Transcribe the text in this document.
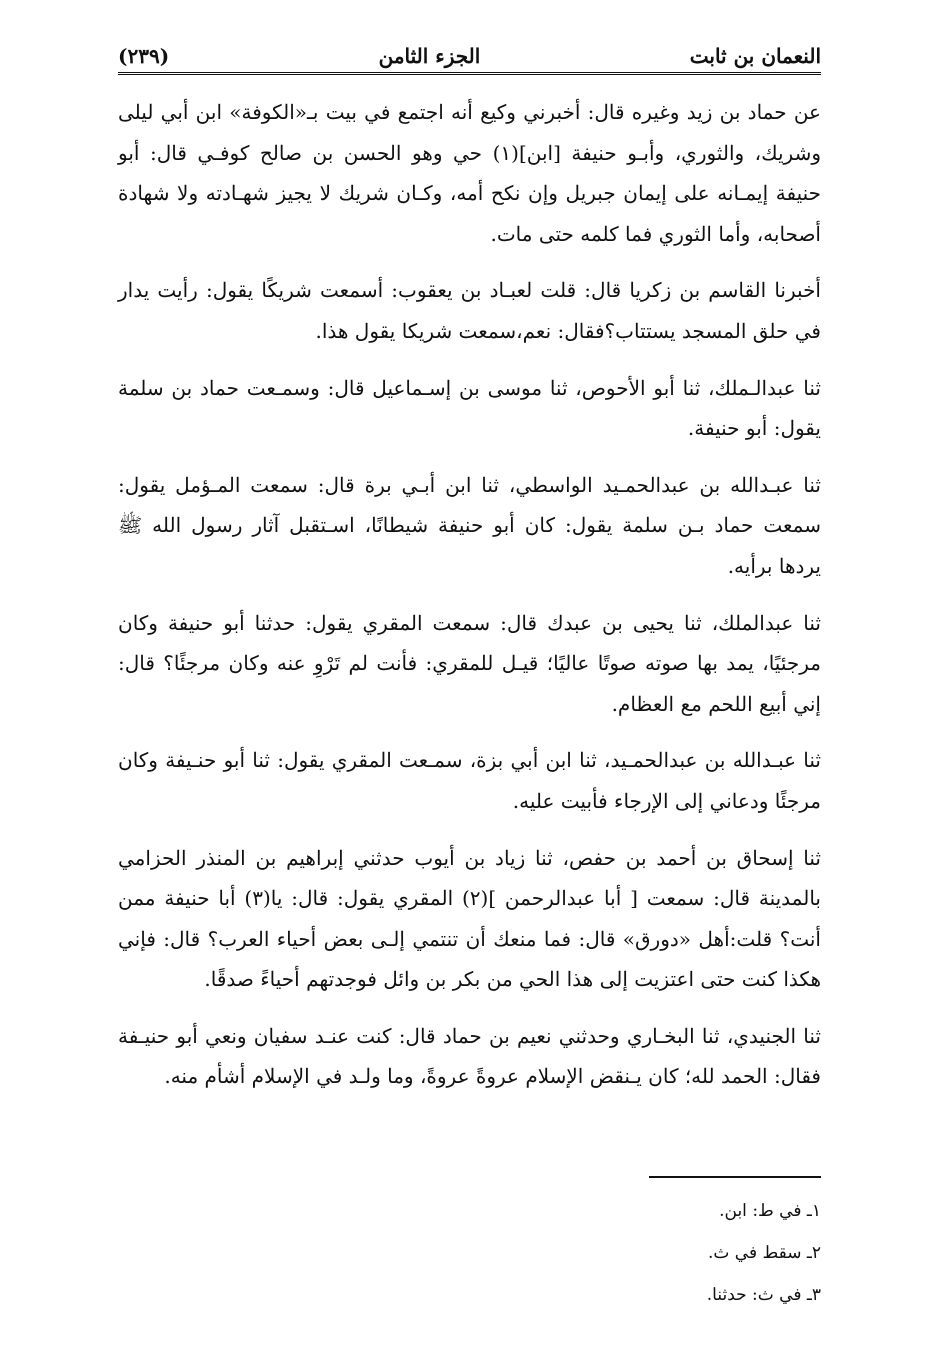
النعمان بن ثابت
الجزء الثامن
(٢٣٩)

عن حماد بن زيد وغيره قال: أخبرني وكيع أنه اجتمع في بيت بـ«الكوفة» ابن أبي ليلى وشريك، والثوري، وأبـو حنيفة [ابن](١) حي وهو الحسن بن صالح كوفـي قال: أبو حنيفة إيمـانه على إيمان جبريل وإن نكح أمه، وكـان شريك لا يجيز شهـادته ولا شهادة أصحابه، وأما الثوري فما كلمه حتى مات.

أخبرنا القاسم بن زكريا قال: قلت لعبـاد بن يعقوب: أسمعت شريكًا يقول: رأيت يدار في حلق المسجد يستتاب؟فقال: نعم،سمعت شريكا يقول هذا.

ثنا عبدالـملك، ثنا أبو الأحوص، ثنا موسى بن إسـماعيل قال: وسمـعت حماد بن سلمة يقول: أبو حنيفة.

ثنا عبـدالله بن عبدالحمـيد الواسطي، ثنا ابن أبـي برة قال: سمعت المـؤمل يقول: سمعت حماد بـن سلمة يقول: كان أبو حنيفة شيطانًا، اسـتقبل آثار رسول الله ﷺ يردها برأيه.

ثنا عبدالملك، ثنا يحيى بن عبدك قال: سمعت المقري يقول: حدثنا أبو حنيفة وكان مرجئيًا، يمد بها صوته صوتًا عاليًا؛ قيـل للمقري: فأنت لم تَرْوِ عنه وكان مرجئًا؟ قال: إني أبيع اللحم مع العظام.

ثنا عبـدالله بن عبدالحمـيد، ثنا ابن أبي بزة، سمـعت المقري يقول: ثنا أبو حنـيفة وكان مرجئًا ودعاني إلى الإرجاء فأبيت عليه.

ثنا إسحاق بن أحمد بن حفص، ثنا زياد بن أيوب حدثني إبراهيم بن المنذر الحزامي بالمدينة قال: سمعت [ أبا عبدالرحمن ](٢) المقري يقول: قال: يا(٣) أبا حنيفة ممن أنت؟ قلت:أهل «دورق» قال: فما منعك أن تنتمي إلـى بعض أحياء العرب؟ قال: فإني هكذا كنت حتى اعتزيت إلى هذا الحي من بكر بن وائل فوجدتهم أحياءً صدقًا.

ثنا الجنيدي، ثنا البخـاري وحدثني نعيم بن حماد قال: كنت عنـد سفيان ونعي أبو حنيـفة فقال: الحمد لله؛ كان يـنقض الإسلام عروةً عروةً، وما ولـد في الإسلام أشأم منه.

١ـ في ط: ابن.

٢ـ سقط في ث.

٣ـ في ث: حدثنا.
